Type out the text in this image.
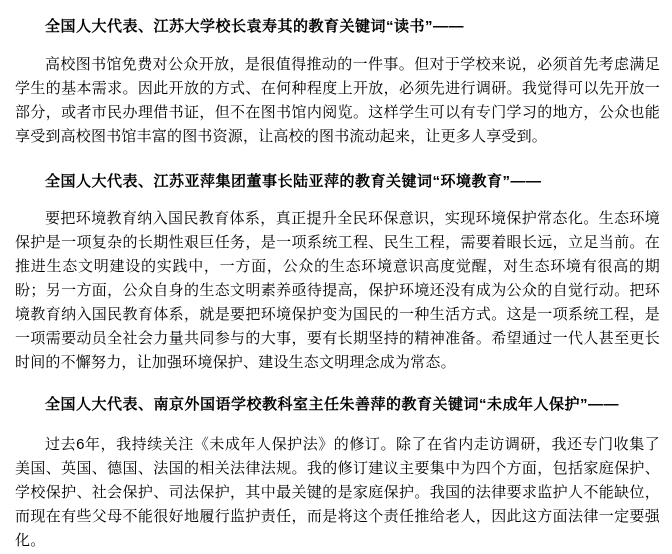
全国人大代表、江苏大学校长袁寿其的教育关键词“读书”——

高校图书馆免费对公众开放，是很值得推动的一件事。但对于学校来说，必须首先考虑满足学生的基本需求。因此开放的方式、在何种程度上开放，必须先进行调研。我觉得可以先开放一部分，或者市民办理借书证，但不在图书馆内阅览。这样学生可以有专门学习的地方，公众也能享受到高校图书馆丰富的图书资源，让高校的图书流动起来，让更多人享受到。

全国人大代表、江苏亚萍集团董事长陆亚萍的教育关键词“环境教育”——

要把环境教育纳入国民教育体系，真正提升全民环保意识，实现环境保护常态化。生态环境保护是一项复杂的长期性艰巨任务，是一项系统工程、民生工程，需要着眼长远，立足当前。在推进生态文明建设的实践中，一方面，公众的生态环境意识高度觉醒，对生态环境有很高的期盼；另一方面，公众自身的生态文明素养亟待提高，保护环境还没有成为公众的自觉行动。把环境教育纳入国民教育体系，就是要把环境保护变为国民的一种生活方式。这是一项系统工程，是一项需要动员全社会力量共同参与的大事，要有长期坚持的精神准备。希望通过一代人甚至更长时间的不懈努力，让加强环境保护、建设生态文明理念成为常态。

全国人大代表、南京外国语学校教科室主任朱善萍的教育关键词“未成年人保护”——

过去6年，我持续关注《未成年人保护法》的修订。除了在省内走访调研，我还专门收集了美国、英国、德国、法国的相关法律法规。我的修订建议主要集中为四个方面，包括家庭保护、学校保护、社会保护、司法保护，其中最关键的是家庭保护。我国的法律要求监护人不能缺位，而现在有些父母不能很好地履行监护责任，而是将这个责任推给老人，因此这方面法律一定要强化。
